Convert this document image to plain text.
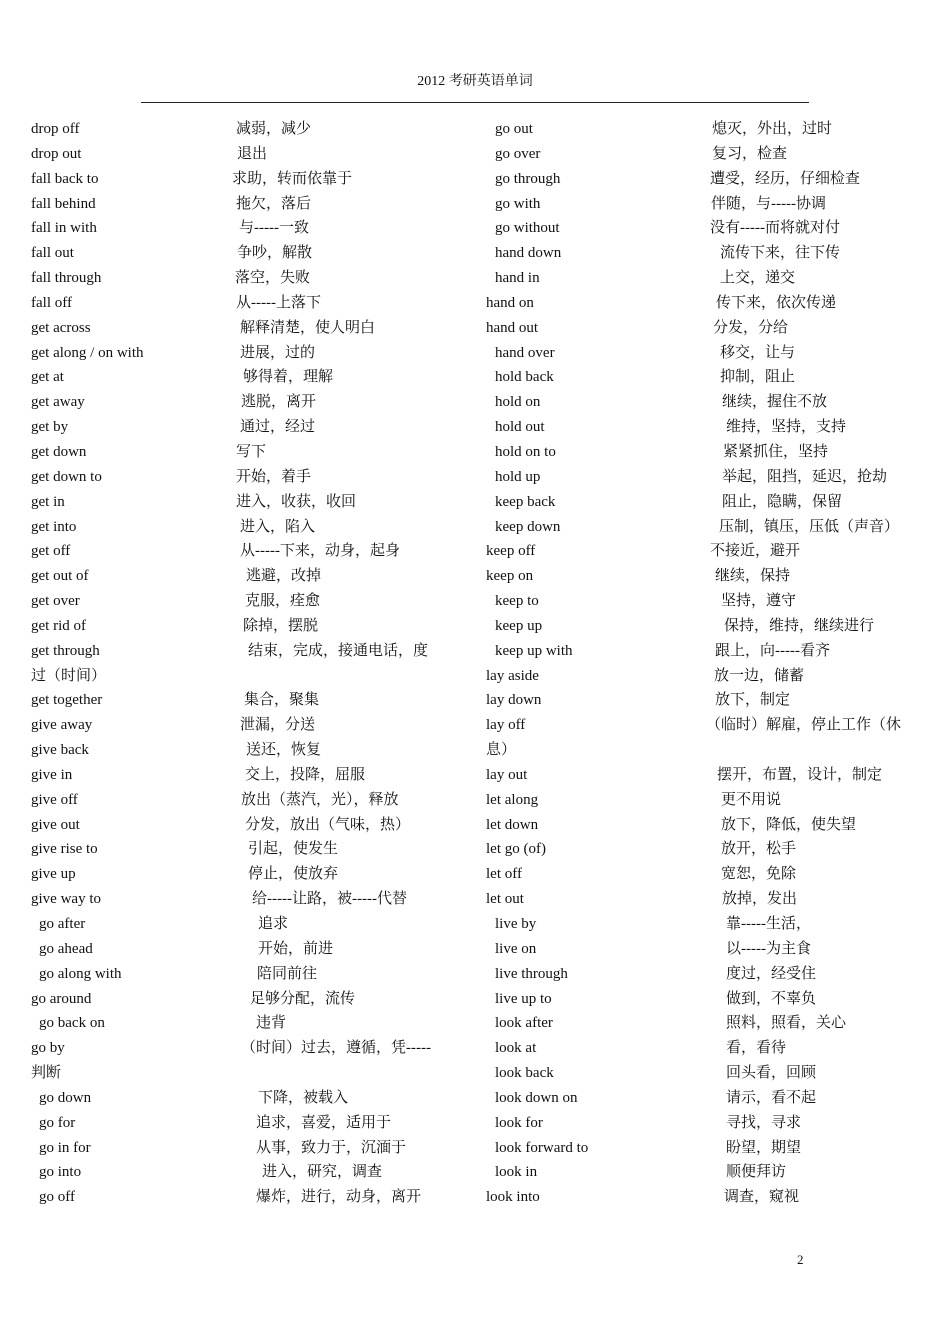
2012 考研英语单词
drop off	减弱，减少
drop out	退出
fall back to	求助，转而依靠于
fall behind	拖欠，落后
fall in with	与-----一致
fall out	争吵，解散
fall through	落空，失败
fall off	从-----上落下
get across	解释清楚，使人明白
get along / on with	进展，过的
get at	够得着，理解
get away	逃脱，离开
get by	通过，经过
get down	写下
get down to	开始，着手
get in	进入，收获，收回
get into	进入，陷入
get off	从-----下来，动身，起身
get out of	逃避，改掉
get over	克服，痊愈
get rid of	除掉，摆脱
get through	结束，完成，接通电话，度
过（时间）
get together	集合，聚集
give away	泄漏，分送
give back	送还，恢复
give in	交上，投降，屈服
give off	放出（蒸汽，光），释放
give out	分发，放出（气味，热）
give rise to	引起，使发生
give up	停止，使放弃
give way to	给-----让路，被-----代替
go after	追求
go ahead	开始，前进
go along with	陪同前往
go around	足够分配，流传
go back on	违背
go by	（时间）过去，遵循，凭-----
判断
go down	下降，被载入
go for	追求，喜爱，适用于
go in for	从事，致力于，沉湎于
go into	进入，研究，调查
go off	爆炸，进行，动身，离开
go out	熄灭，外出，过时
go over	复习，检查
go through	遭受，经历，仔细检查
go with	伴随，与-----协调
go without	没有-----而将就对付
hand down	流传下来，往下传
hand in	上交，递交
hand on	传下来，依次传递
hand out	分发，分给
hand over	移交，让与
hold back	抑制，阻止
hold on	继续，握住不放
hold out	维持，坚持，支持
hold on to	紧紧抓住，坚持
hold up	举起，阻挡，延迟，抢劫
keep back	阻止，隐瞒，保留
keep down	压制，镇压，压低（声音）
keep off	不接近，避开
keep on	继续，保持
keep to	坚持，遵守
keep up	保持，维持，继续进行
keep up with	跟上，向-----看齐
lay aside	放一边，储蓄
lay down	放下，制定
lay off	（临时）解雇，停止工作（休
息）
lay out	摆开，布置，设计，制定
let along	更不用说
let down	放下，降低，使失望
let go (of)	放开，松手
let off	宽恕，免除
let out	放掉，发出
live by	靠-----生活，
live on	以-----为主食
live through	度过，经受住
live up to	做到，不辜负
look after	照料，照看，关心
look at	看，看待
look back	回头看，回顾
look down on	请示，看不起
look for	寻找，寻求
look forward to	盼望，期望
look in	顺便拜访
look into	调查，窥视
2
